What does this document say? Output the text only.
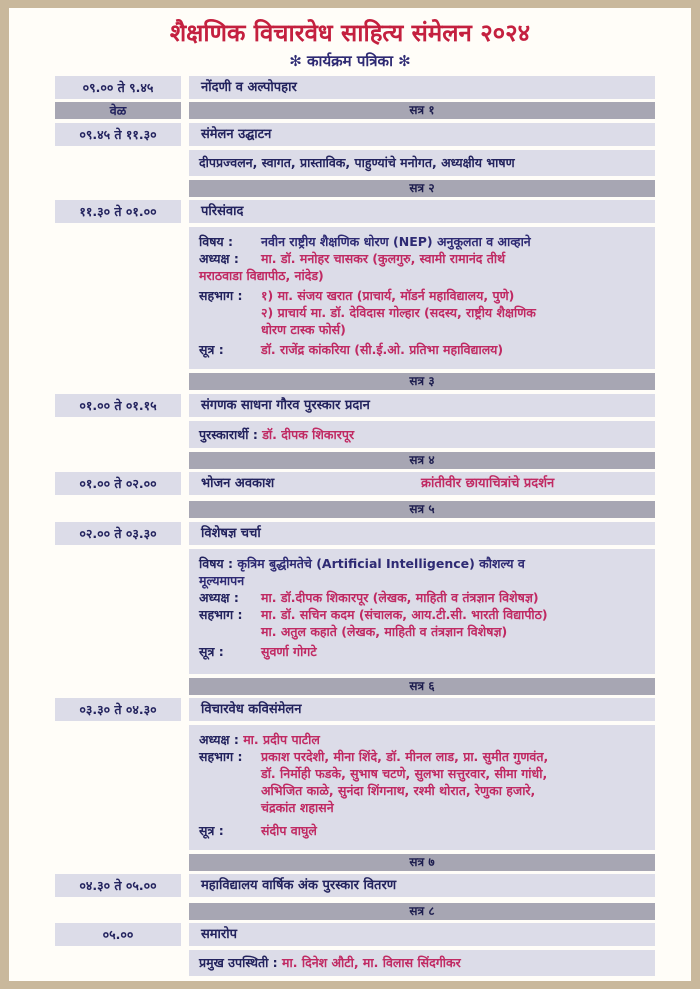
शैक्षणिक विचारवेध साहित्य संमेलन २०२४
✻ कार्यक्रम पत्रिका ✻
०९.०० ते ९.४५	नोंदणी व अल्पोपहार
वेळ	सत्र १
०९.४५ ते ११.३०	संमेलन उद्घाटन
दीपप्रज्वलन, स्वागत, प्रास्ताविक, पाहुण्यांचे मनोगत, अध्यक्षीय भाषण
सत्र २
११.३० ते ०१.००	परिसंवाद
विषय : नवीन राष्ट्रीय शैक्षणिक धोरण (NEP) अनुकूलता व आव्हाने
अध्यक्ष : मा. डॉ. मनोहर चासकर (कुलगुरु, स्वामी रामानंद तीर्थ
मराठवाडा विद्यापीठ, नांदेड)
सहभाग : १) मा. संजय खरात (प्राचार्य, मॉडर्न महाविद्यालय, पुणे)
२) प्राचार्य मा. डॉ. देविदास गोल्हार (सदस्य, राष्ट्रीय शैक्षणिक
धोरण टास्क फोर्स)
सूत्र :	डॉ. राजेंद्र कांकरिया (सी.ई.ओ. प्रतिभा महाविद्यालय)
सत्र ३
०१.०० ते ०१.१५	संगणक साधना गौरव पुरस्कार प्रदान
पुरस्कारार्थी : डॉ. दीपक शिकारपूर
सत्र ४
०१.०० ते ०२.००	भोजन अवकाश	क्रांतीवीर छायाचित्रांचे प्रदर्शन
सत्र ५
०२.०० ते ०३.३०	विशेषज्ञ चर्चा
विषय : कृत्रिम बुद्धीमतेचे (Artificial Intelligence) कौशल्य व
मूल्यमापन
अध्यक्ष : मा. डॉ.दीपक शिकारपूर (लेखक, माहिती व तंत्रज्ञान विशेषज्ञ)
सहभाग : मा. डॉ. सचिन कदम (संचालक, आय.टी.सी. भारती विद्यापीठ)
मा. अतुल कहाते (लेखक, माहिती व तंत्रज्ञान विशेषज्ञ)
सूत्र :	सुवर्णा गोगटे
सत्र ६
०३.३० ते ०४.३०	विचारवेध कविसंमेलन
अध्यक्ष : मा. प्रदीप पाटील
सहभाग : प्रकाश परदेशी, मीना शिंदे, डॉ. मीनल लाड, प्रा. सुमीत गुणवंत,
डॉ. निर्मोही फडके, सुभाष चटणे, सुलभा सत्तुरवार, सीमा गांधी,
अभिजित काळे, सुनंदा शिंगनाथ, रश्मी थोरात, रेणुका हजारे,
चंद्रकांत शहासने
सूत्र :	संदीप वाघुले
सत्र ७
०४.३० ते ०५.००	महाविद्यालय वार्षिक अंक पुरस्कार वितरण
सत्र ८
०५.००	समारोप
प्रमुख उपस्थिती : मा. दिनेश औटी, मा. विलास सिंदगीकर
